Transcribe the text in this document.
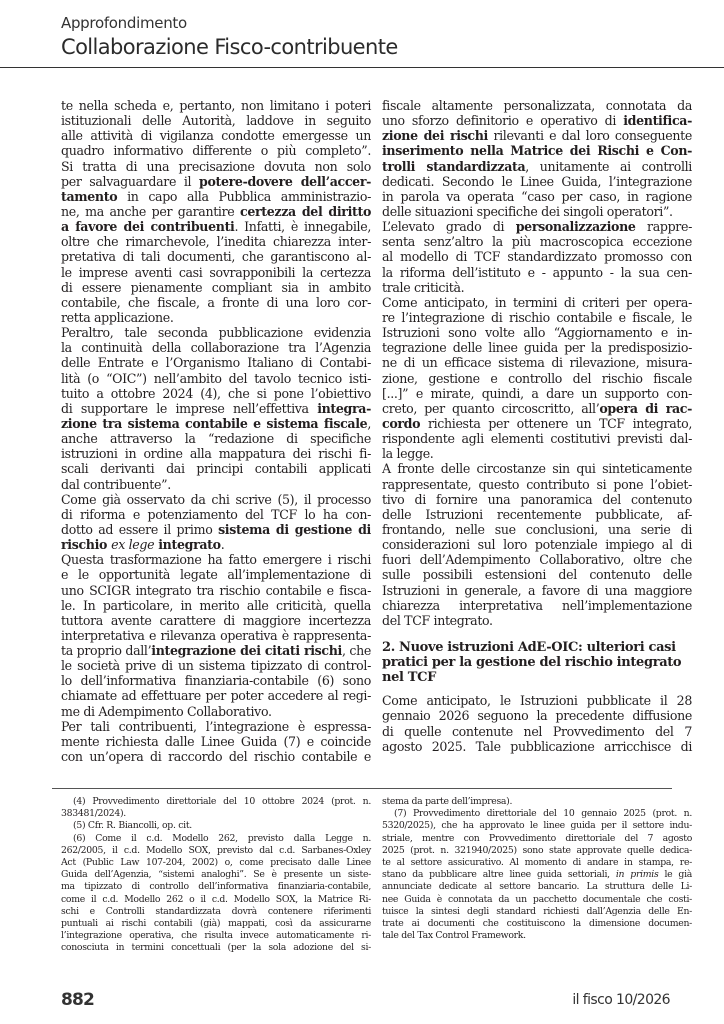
Approfondimento
Collaborazione Fisco-contribuente
te nella scheda e, pertanto, non limitano i poteri
istituzionali delle Autorità, laddove in seguito
alle attività di vigilanza condotte emergesse un
quadro informativo differente o più completo”.
Si tratta di una precisazione dovuta non solo
per salvaguardare il potere-dovere dell’accer-
tamento in capo alla Pubblica amministrazio-
ne, ma anche per garantire certezza del diritto
a favore dei contribuenti. Infatti, è innegabile,
oltre che rimarchevole, l’inedita chiarezza inter-
pretativa di tali documenti, che garantiscono al-
le imprese aventi casi sovrapponibili la certezza
di essere pienamente compliant sia in ambito
contabile, che fiscale, a fronte di una loro cor-
retta applicazione.
Peraltro, tale seconda pubblicazione evidenzia
la continuità della collaborazione tra l’Agenzia
delle Entrate e l’Organismo Italiano di Contabi-
lità (o “OIC”) nell’ambito del tavolo tecnico isti-
tuito a ottobre 2024 (4), che si pone l’obiettivo
di supportare le imprese nell’effettiva integra-
zione tra sistema contabile e sistema fiscale,
anche attraverso la “redazione di specifiche
istruzioni in ordine alla mappatura dei rischi fi-
scali derivanti dai principi contabili applicati
dal contribuente”.
Come già osservato da chi scrive (5), il processo
di riforma e potenziamento del TCF lo ha con-
dotto ad essere il primo sistema di gestione di
rischio ex lege integrato.
Questa trasformazione ha fatto emergere i rischi
e le opportunità legate all’implementazione di
uno SCIGR integrato tra rischio contabile e fisca-
le. In particolare, in merito alle criticità, quella
tuttora avente carattere di maggiore incertezza
interpretativa e rilevanza operativa è rappresenta-
ta proprio dall’integrazione dei citati rischi, che
le società prive di un sistema tipizzato di control-
lo dell’informativa finanziaria-contabile (6) sono
chiamate ad effettuare per poter accedere al regi-
me di Adempimento Collaborativo.
Per tali contribuenti, l’integrazione è espressa-
mente richiesta dalle Linee Guida (7) e coincide
con un’opera di raccordo del rischio contabile e
fiscale altamente personalizzata, connotata da
uno sforzo definitorio e operativo di identifica-
zione dei rischi rilevanti e dal loro conseguente
inserimento nella Matrice dei Rischi e Con-
trolli standardizzata, unitamente ai controlli
dedicati. Secondo le Linee Guida, l’integrazione
in parola va operata “caso per caso, in ragione
delle situazioni specifiche dei singoli operatori”.
L’elevato grado di personalizzazione rappre-
senta senz’altro la più macroscopica eccezione
al modello di TCF standardizzato promosso con
la riforma dell’istituto e - appunto - la sua cen-
trale criticità.
Come anticipato, in termini di criteri per opera-
re l’integrazione di rischio contabile e fiscale, le
Istruzioni sono volte allo “Aggiornamento e in-
tegrazione delle linee guida per la predisposizio-
ne di un efficace sistema di rilevazione, misura-
zione, gestione e controllo del rischio fiscale
[...]” e mirate, quindi, a dare un supporto con-
creto, per quanto circoscritto, all’opera di rac-
cordo richiesta per ottenere un TCF integrato,
rispondente agli elementi costitutivi previsti dal-
la legge.
A fronte delle circostanze sin qui sinteticamente
rappresentate, questo contributo si pone l’obiet-
tivo di fornire una panoramica del contenuto
delle Istruzioni recentemente pubblicate, af-
frontando, nelle sue conclusioni, una serie di
considerazioni sul loro potenziale impiego al di
fuori dell’Adempimento Collaborativo, oltre che
sulle possibili estensioni del contenuto delle
Istruzioni in generale, a favore di una maggiore
chiarezza interpretativa nell’implementazione
del TCF integrato.
2. Nuove istruzioni AdE-OIC: ulteriori casi
pratici per la gestione del rischio integrato
nel TCF
Come anticipato, le Istruzioni pubblicate il 28
gennaio 2026 seguono la precedente diffusione
di quelle contenute nel Provvedimento del 7
agosto 2025. Tale pubblicazione arricchisce di
(4) Provvedimento direttoriale del 10 ottobre 2024 (prot. n.
383481/2024).
(5) Cfr. R. Biancolli, op. cit.
(6) Come il c.d. Modello 262, previsto dalla Legge n.
262/2005, il c.d. Modello SOX, previsto dal c.d. Sarbanes-Oxley
Act (Public Law 107-204, 2002) o, come precisato dalle Linee
Guida dell’Agenzia, “sistemi analoghi”. Se è presente un siste-
ma tipizzato di controllo dell’informativa finanziaria-contabile,
come il c.d. Modello 262 o il c.d. Modello SOX, la Matrice Ri-
schi e Controlli standardizzata dovrà contenere riferimenti
puntuali ai rischi contabili (già) mappati, così da assicurarne
l’integrazione operativa, che risulta invece automaticamente ri-
conosciuta in termini concettuali (per la sola adozione del si-
stema da parte dell’impresa).
(7) Provvedimento direttoriale del 10 gennaio 2025 (prot. n.
5320/2025), che ha approvato le linee guida per il settore indu-
striale, mentre con Provvedimento direttoriale del 7 agosto
2025 (prot. n. 321940/2025) sono state approvate quelle dedica-
te al settore assicurativo. Al momento di andare in stampa, re-
stano da pubblicare altre linee guida settoriali, in primis le già
annunciate dedicate al settore bancario. La struttura delle Li-
nee Guida è connotata da un pacchetto documentale che costi-
tuisce la sintesi degli standard richiesti dall’Agenzia delle En-
trate ai documenti che costituiscono la dimensione documen-
tale del Tax Control Framework.
882	il fisco 10/2026
